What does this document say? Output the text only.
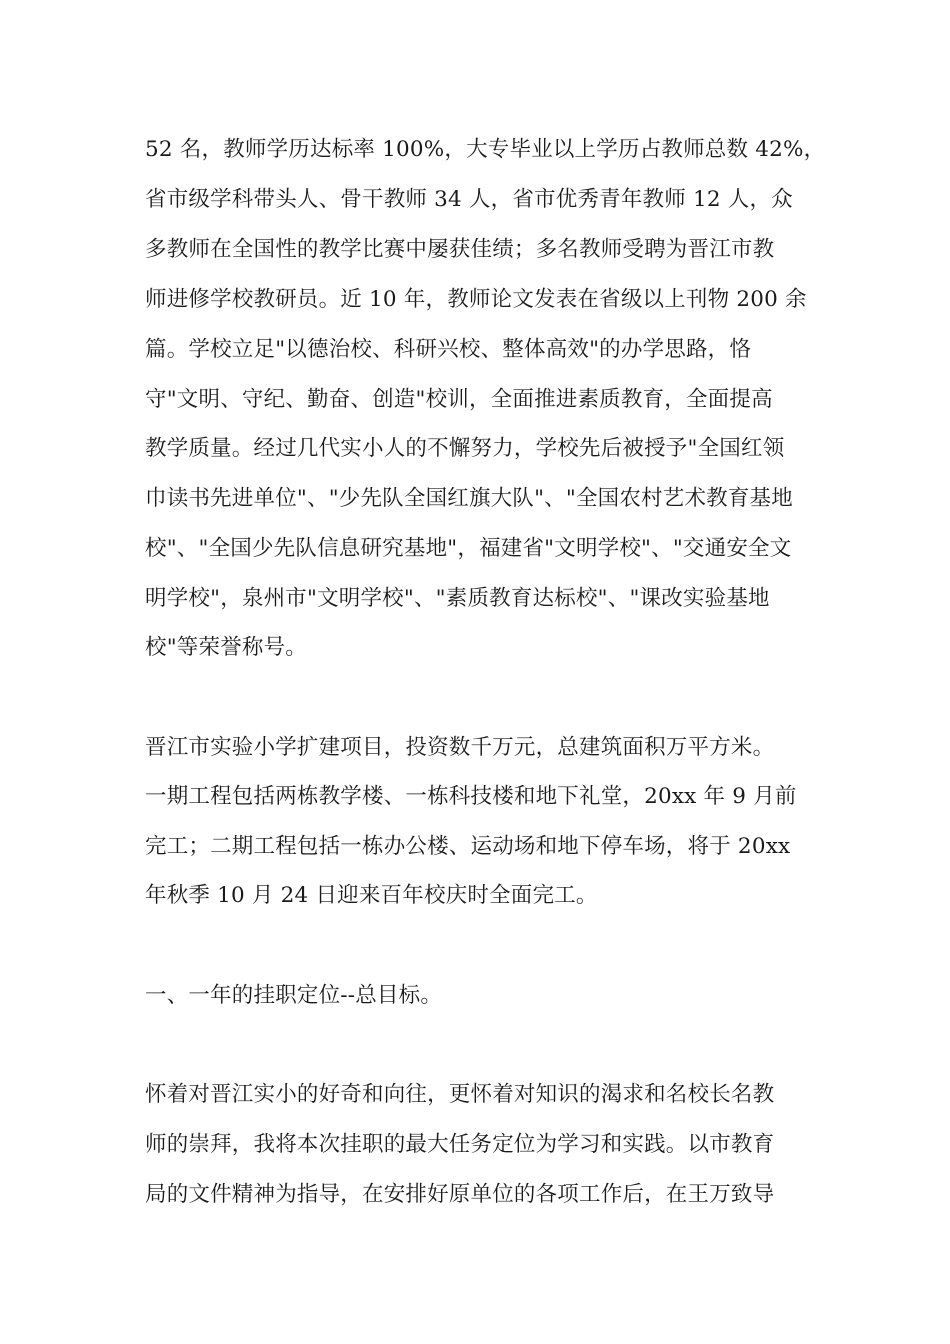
52 名，教师学历达标率 100%，大专毕业以上学历占教师总数 42%，
省市级学科带头人、骨干教师 34 人，省市优秀青年教师 12 人，众
多教师在全国性的教学比赛中屡获佳绩；多名教师受聘为晋江市教
师进修学校教研员。近 10 年，教师论文发表在省级以上刊物 200 余
篇。学校立足"以德治校、科研兴校、整体高效"的办学思路，恪
守"文明、守纪、勤奋、创造"校训，全面推进素质教育，全面提高
教学质量。经过几代实小人的不懈努力，学校先后被授予"全国红领
巾读书先进单位"、"少先队全国红旗大队"、"全国农村艺术教育基地
校"、"全国少先队信息研究基地"，福建省"文明学校"、"交通安全文
明学校"，泉州市"文明学校"、"素质教育达标校"、"课改实验基地
校"等荣誉称号。
晋江市实验小学扩建项目，投资数千万元，总建筑面积万平方米。
一期工程包括两栋教学楼、一栋科技楼和地下礼堂，20xx 年 9 月前
完工；二期工程包括一栋办公楼、运动场和地下停车场，将于 20xx
年秋季 10 月 24 日迎来百年校庆时全面完工。
一、一年的挂职定位--总目标。
怀着对晋江实小的好奇和向往，更怀着对知识的渴求和名校长名教
师的崇拜，我将本次挂职的最大任务定位为学习和实践。以市教育
局的文件精神为指导，在安排好原单位的各项工作后，在王万致导
